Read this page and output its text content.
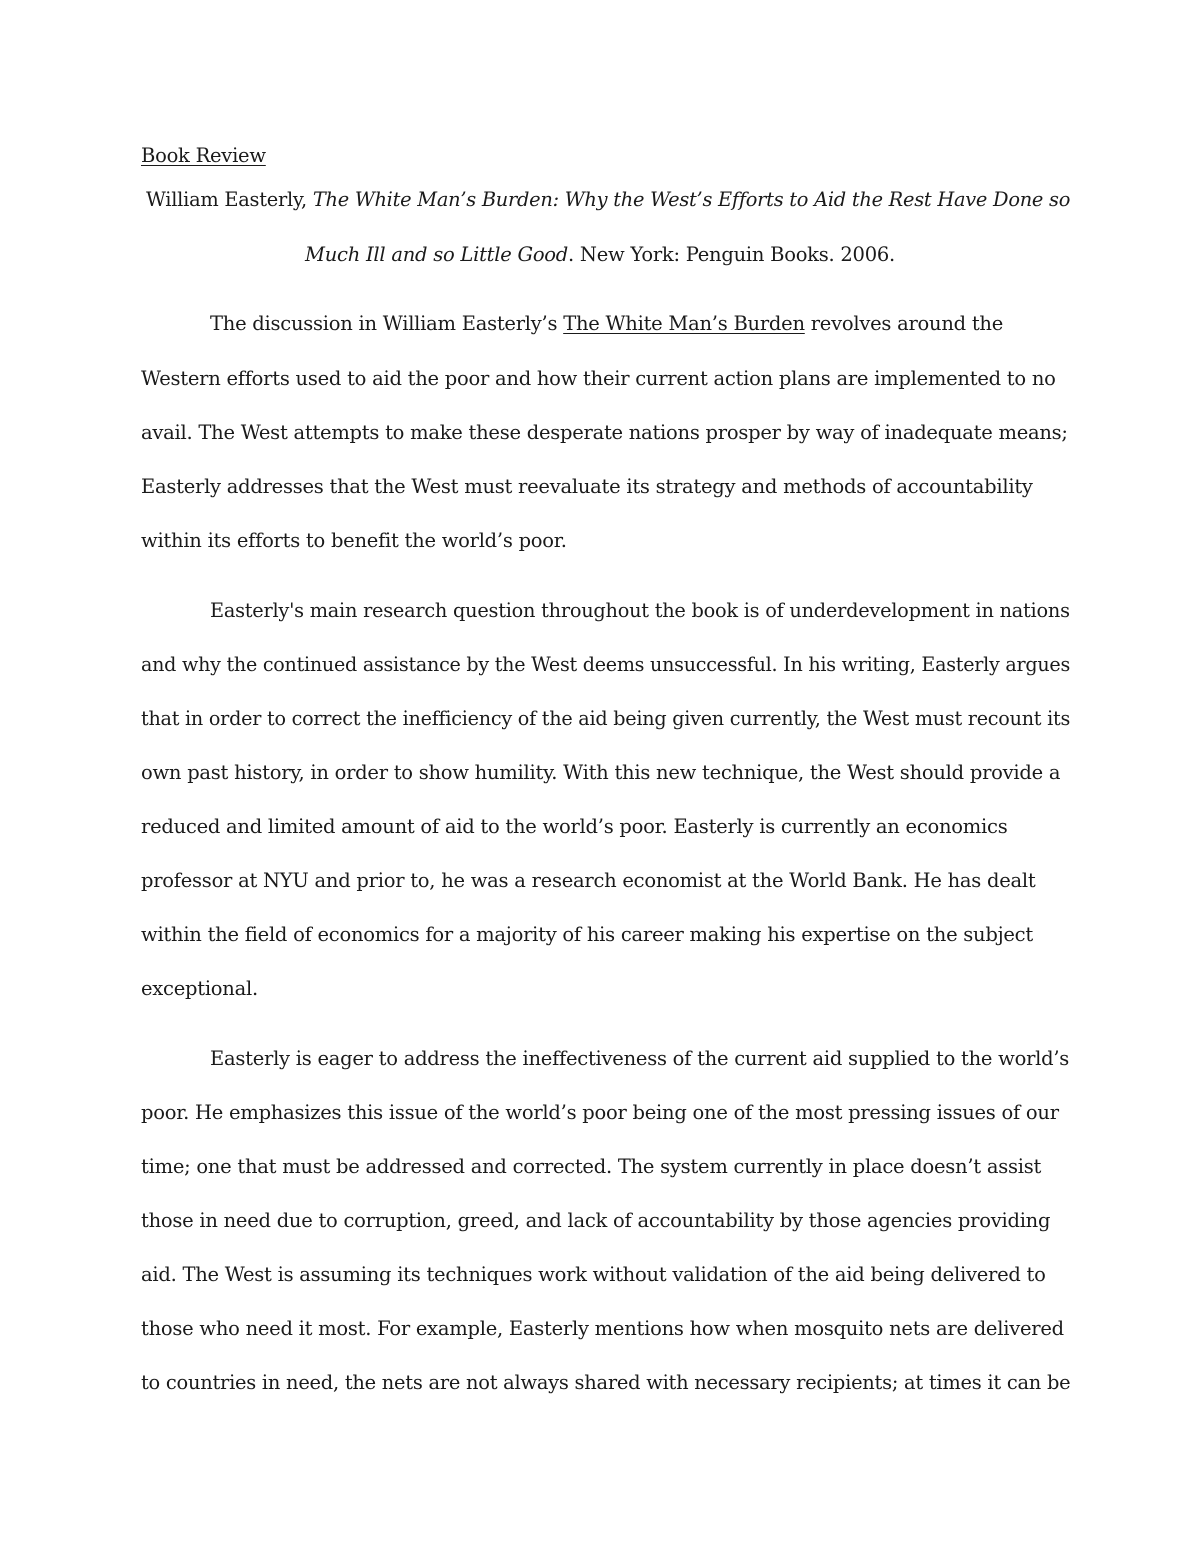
Book Review
William Easterly, The White Man’s Burden: Why the West’s Efforts to Aid the Rest Have Done so
Much Ill and so Little Good. New York: Penguin Books. 2006.
The discussion in William Easterly’s The White Man’s Burden revolves around the
Western efforts used to aid the poor and how their current action plans are implemented to no
avail. The West attempts to make these desperate nations prosper by way of inadequate means;
Easterly addresses that the West must reevaluate its strategy and methods of accountability
within its efforts to benefit the world’s poor.
Easterly's main research question throughout the book is of underdevelopment in nations
and why the continued assistance by the West deems unsuccessful. In his writing, Easterly argues
that in order to correct the inefficiency of the aid being given currently, the West must recount its
own past history, in order to show humility. With this new technique, the West should provide a
reduced and limited amount of aid to the world’s poor. Easterly is currently an economics
professor at NYU and prior to, he was a research economist at the World Bank. He has dealt
within the field of economics for a majority of his career making his expertise on the subject
exceptional.
Easterly is eager to address the ineffectiveness of the current aid supplied to the world’s
poor. He emphasizes this issue of the world’s poor being one of the most pressing issues of our
time; one that must be addressed and corrected. The system currently in place doesn’t assist
those in need due to corruption, greed, and lack of accountability by those agencies providing
aid. The West is assuming its techniques work without validation of the aid being delivered to
those who need it most. For example, Easterly mentions how when mosquito nets are delivered
to countries in need, the nets are not always shared with necessary recipients; at times it can be
